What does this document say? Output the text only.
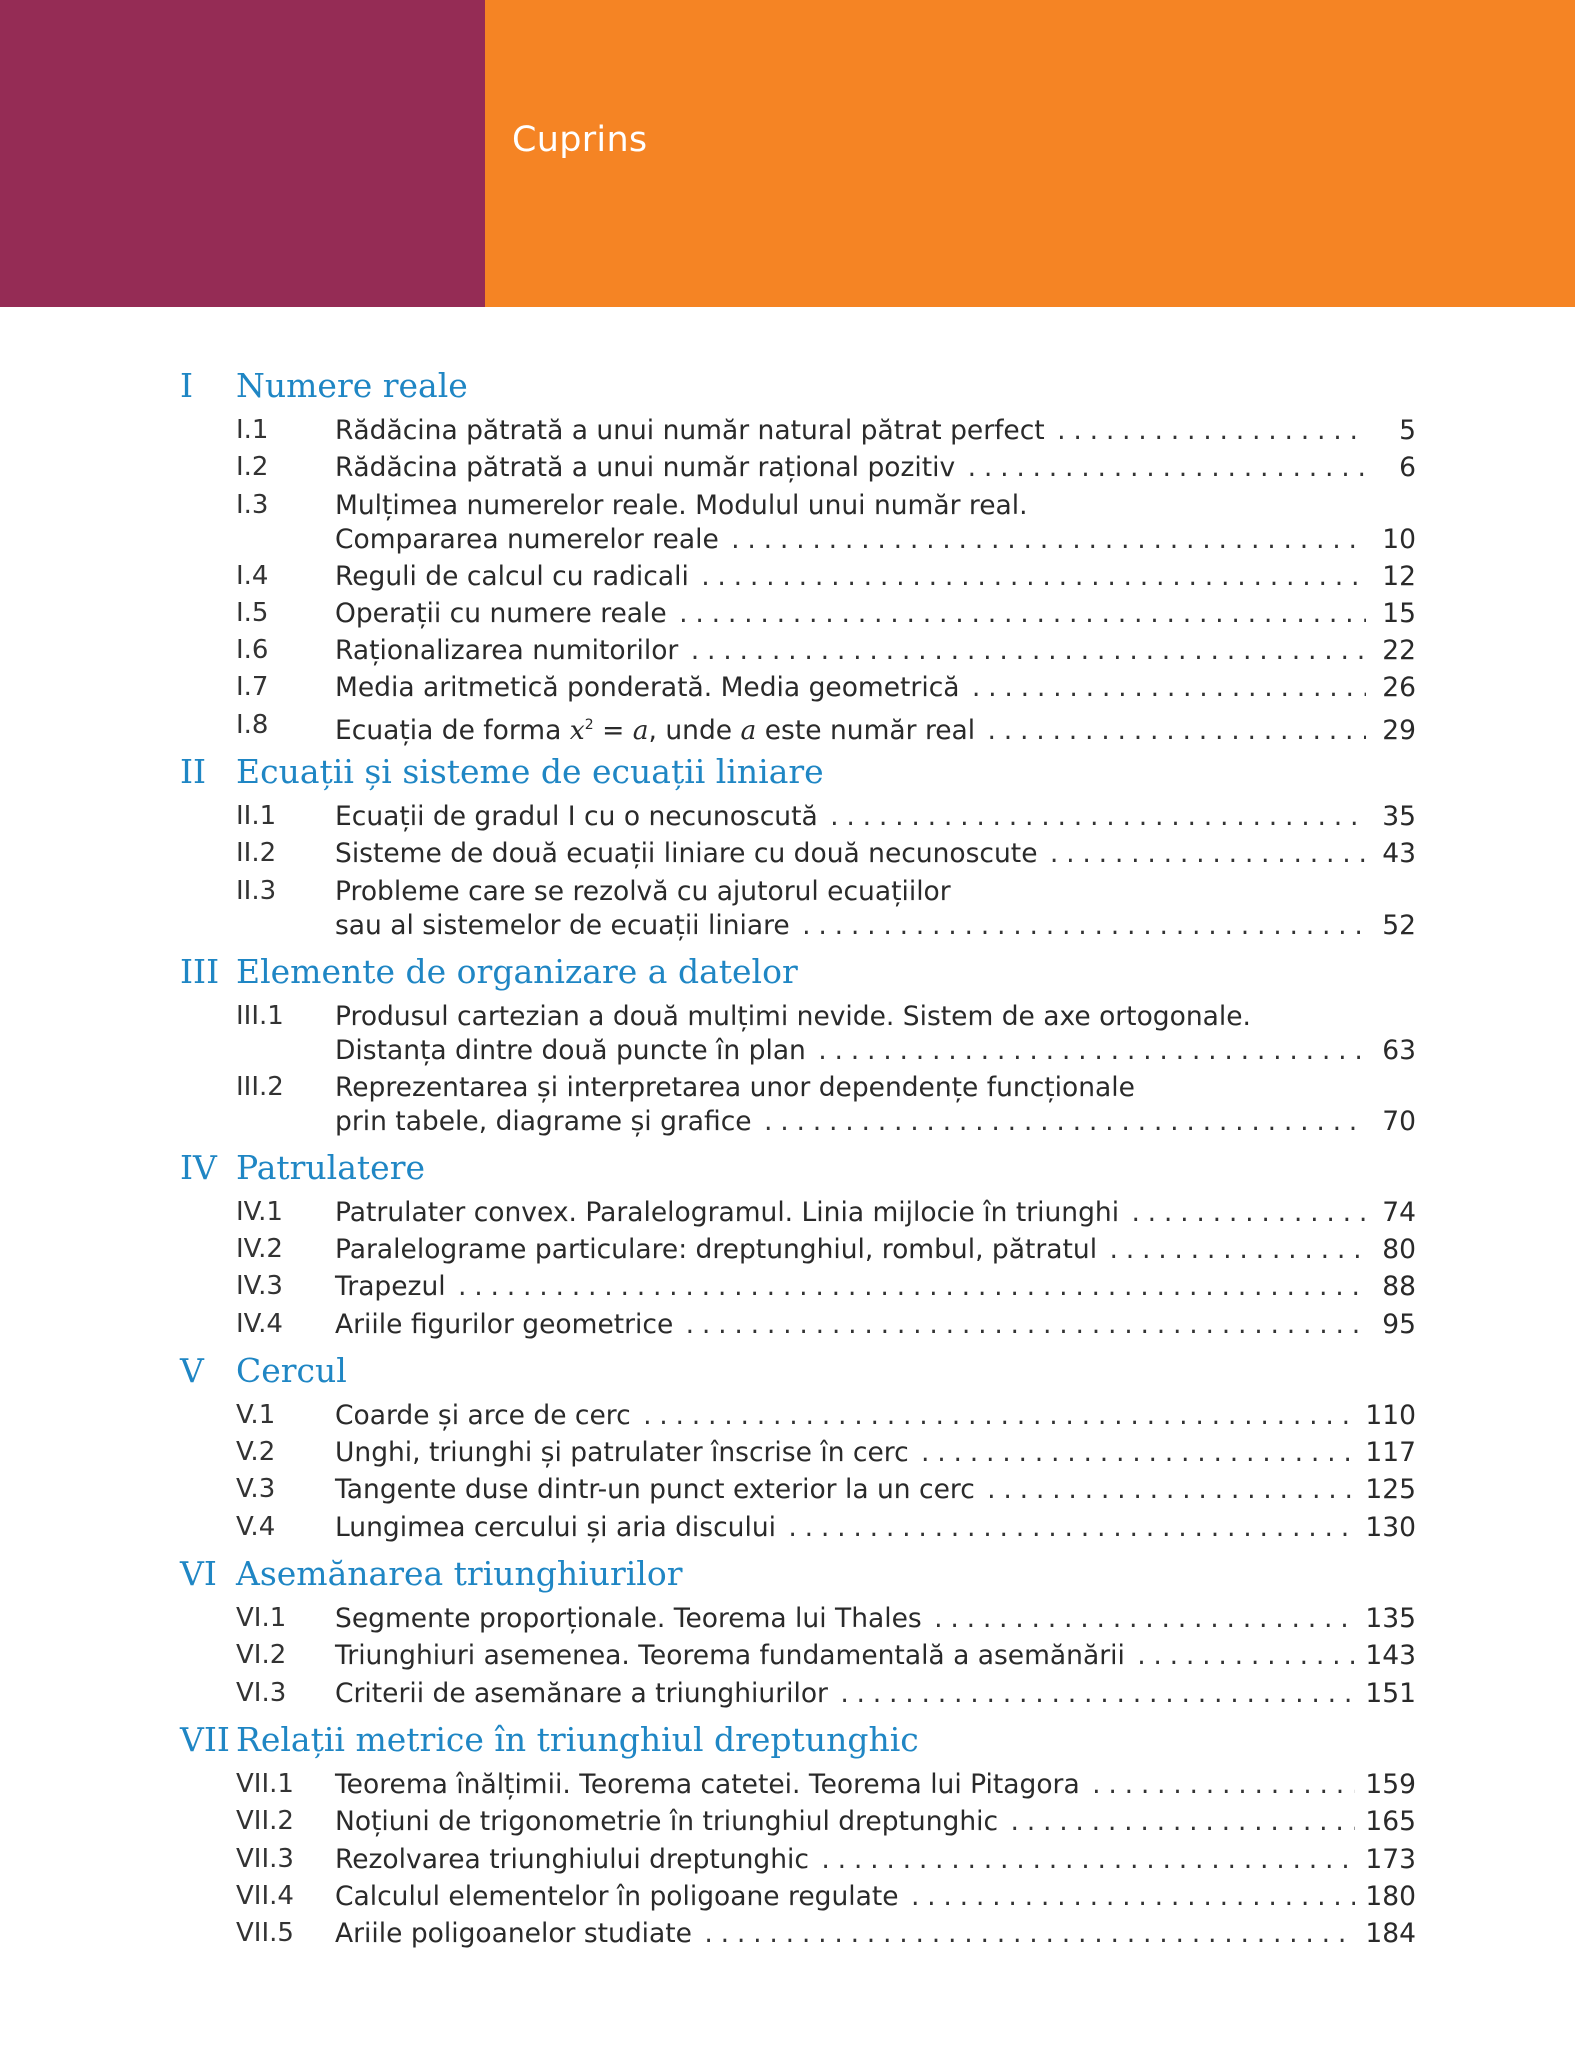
Cuprins
I Numere reale
I.1	Rădăcina pătrată a unui număr natural pătrat perfect .....	5
I.2	Rădăcina pătrată a unui număr rațional pozitiv .....	6
I.3	Mulțimea numerelor reale. Modulul unui număr real.
Compararea numerelor reale .....	10
I.4	Reguli de calcul cu radicali .....	12
I.5	Operații cu numere reale .....	15
I.6	Raționalizarea numitorilor .....	22
I.7	Media aritmetică ponderată. Media geometrică .....	26
I.8	Ecuația de forma $x^2 = a$, unde a este număr real .....	29
II Ecuații și sisteme de ecuații liniare
II.1 Ecuații de gradul I cu o necunoscută .....	35
II.2 Sisteme de două ecuații liniare cu două necunoscute .....	43
II.3 Probleme care se rezolvă cu ajutorul ecuațiilor
sau al sistemelor de ecuații liniare .....	52
III Elemente de organizare a datelor
III.1 Produsul cartezian a două mulțimi nevide. Sistem de axe ortogonale.
Distanța dintre două puncte în plan .....	63
III.2 Reprezentarea și interpretarea unor dependențe funcționale
prin tabele, diagrame și grafice .....	70
IV Patrulatere
IV.1 Patrulater convex. Paralelogramul. Linia mijlocie în triunghi .....	74
IV.2 Paralelograme particulare: dreptunghiul, rombul, pătratul .....	80
IV.3 Trapezul .....	88
IV.4 Ariile figurilor geometrice .....	95
V Cercul
V.1 Coarde și arce de cerc .....	110
V.2 Unghi, triunghi și patrulater înscrise în cerc .....	117
V.3 Tangente duse dintr-un punct exterior la un cerc .....	125
V.4 Lungimea cercului și aria discului .....	130
VI Asemănarea triunghiurilor
VI.1 Segmente proporționale. Teorema lui Thales .....	135
VI.2 Triunghiuri asemenea. Teorema fundamentală a asemănării .....	143
VI.3 Criterii de asemănare a triunghiurilor .....	151
VII Relații metrice în triunghiul dreptunghic
VII.1 Teorema înălțimii. Teorema catetei. Teorema lui Pitagora .....	159
VII.2 Noțiuni de trigonometrie în triunghiul dreptunghic .....	165
VII.3 Rezolvarea triunghiului dreptunghic .....	173
VII.4 Calculul elementelor în poligoane regulate .....	180
VII.5 Ariile poligoanelor studiate .....	184
